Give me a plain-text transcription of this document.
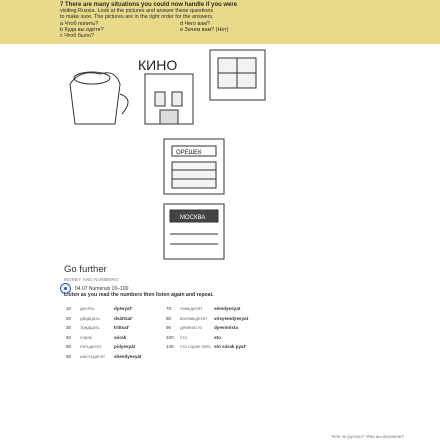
7 There are many situations you could now handle if you were
visiting Russia. Look at the pictures and answer these questions
to make sure. The pictures are in the right order for the answers.
a Чтоб попить?	d Чего вам?
b Куда вы идёте?	e Зачем вам? (Нет)
c Чтоб было?
КИНО
ОРЕШЕК
МОСКВА
Go further
MONEY AND NUMBERS
04.07 Numerals 10–100
Listen as you read the numbers then listen again and repeat.
10	десять	dyésyat'	70	семьдесят	sémdyesyat
20	двадцать	dváttsat'	80	восемьдесят	vósyemdyesyat
30	тридцать	tríttsat'	90	девяносто	dyevinósta
40	сорок	sórak	100	сто	sto
50	пятьдесят	pidyesyát	145	сто сорок пять sto sórak pyat'
60	шестьдесят	shesdyesyát
Что по-русски? Что вы делаете?
